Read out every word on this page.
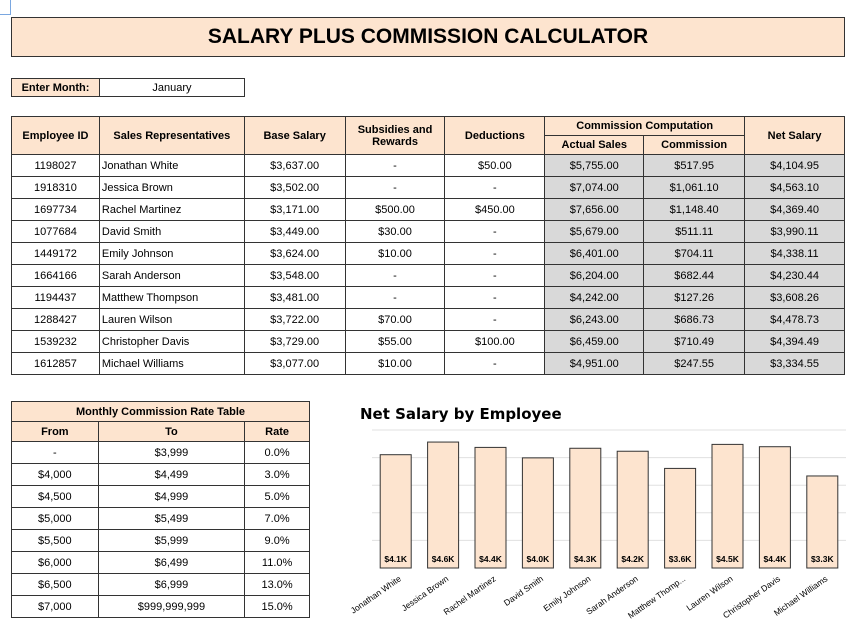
SALARY PLUS COMMISSION CALCULATOR
Enter Month:	January
Employee ID	Sales Representatives	Base Salary	Subsidies and Rewards	Deductions	Commission Computation		Net Salary
					Actual Sales	Commission	
1198027	Jonathan White	$3,637.00	-	$50.00	$5,755.00	$517.95	$4,104.95
1918310	Jessica Brown	$3,502.00	-	-	$7,074.00	$1,061.10	$4,563.10
1697734	Rachel Martinez	$3,171.00	$500.00	$450.00	$7,656.00	$1,148.40	$4,369.40
1077684	David Smith	$3,449.00	$30.00	-	$5,679.00	$511.11	$3,990.11
1449172	Emily Johnson	$3,624.00	$10.00	-	$6,401.00	$704.11	$4,338.11
1664166	Sarah Anderson	$3,548.00	-	-	$6,204.00	$682.44	$4,230.44
1194437	Matthew Thompson	$3,481.00	-	-	$4,242.00	$127.26	$3,608.26
1288427	Lauren Wilson	$3,722.00	$70.00	-	$6,243.00	$686.73	$4,478.73
1539232	Christopher Davis	$3,729.00	$55.00	$100.00	$6,459.00	$710.49	$4,394.49
1612857	Michael Williams	$3,077.00	$10.00	-	$4,951.00	$247.55	$3,334.55
Monthly Commission Rate Table		
From	To	Rate
-	$3,999	0.0%
$4,000	$4,499	3.0%
$4,500	$4,999	5.0%
$5,000	$5,499	7.0%
$5,500	$5,999	9.0%
$6,000	$6,499	11.0%
$6,500	$6,999	13.0%
$7,000	$999,999,999	15.0%
Net Salary by Employee
$4.1K
Jonathan White
$4.6K
Jessica Brown
$4.4K
Rachel Martinez
$4.0K
David Smith
$4.3K
Emily Johnson
$4.2K
Sarah Anderson
$3.6K
Matthew Thomp...
$4.5K
Lauren Wilson
$4.4K
Christopher Davis
$3.3K
Michael Williams
